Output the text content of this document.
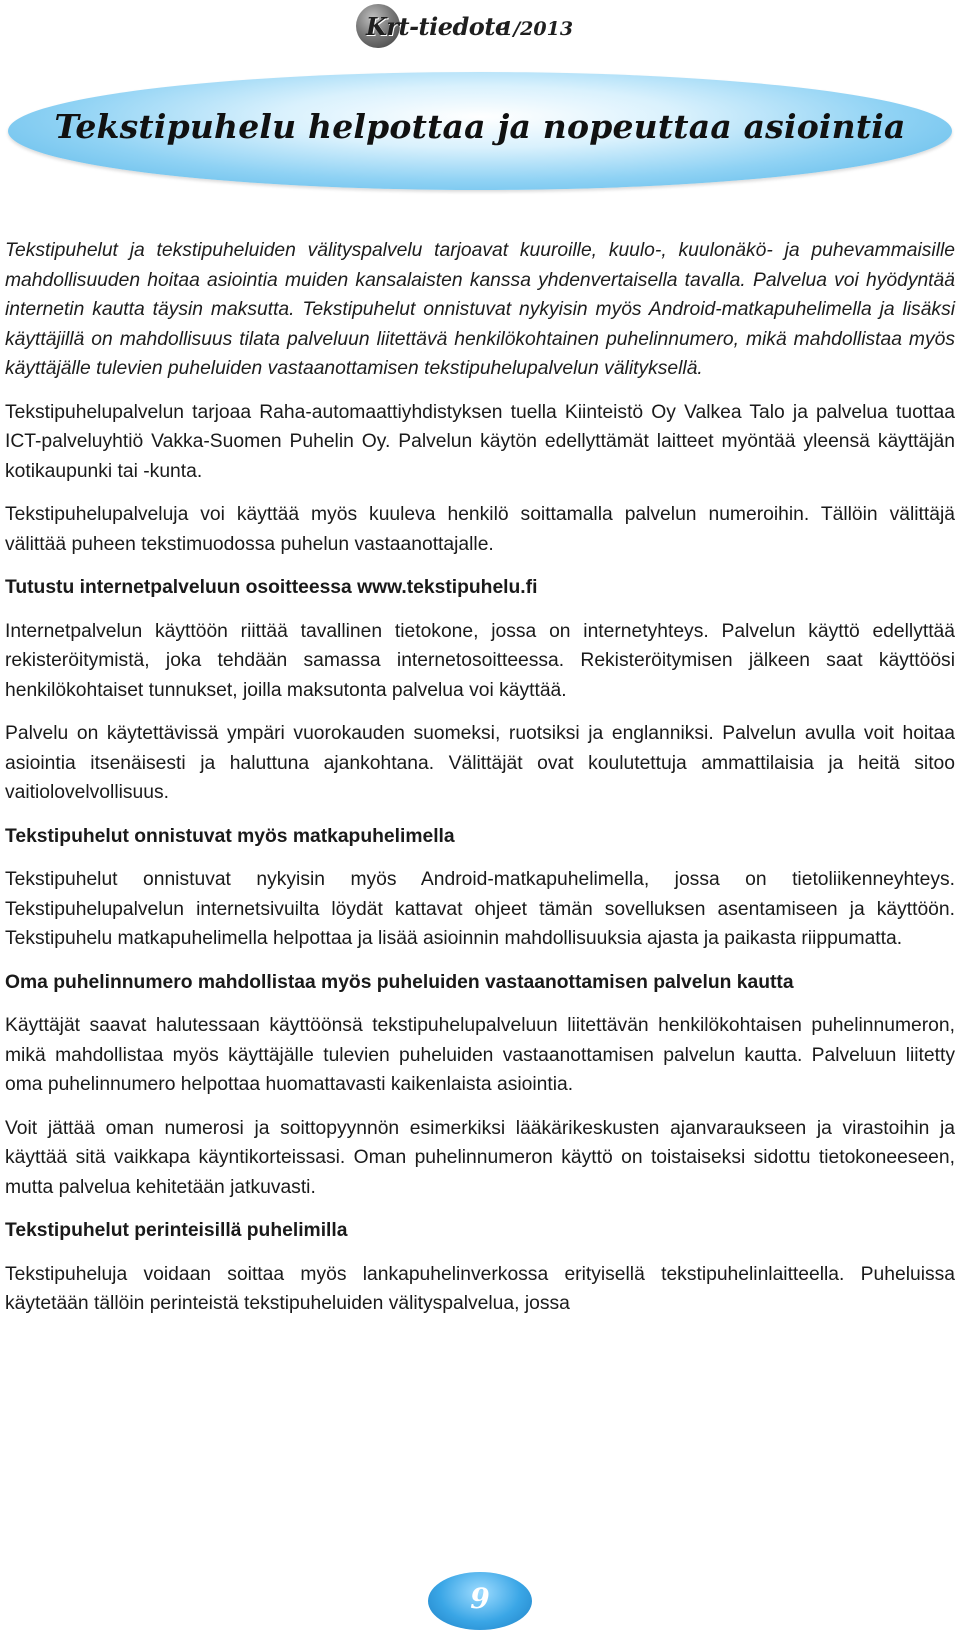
Krt-tiedote
1/2013
Tekstipuhelu helpottaa ja nopeuttaa asiointia

Tekstipuhelut ja tekstipuheluiden välityspalvelu tarjoavat kuuroille, kuulo-, kuulonäkö- ja puhevammaisille mahdollisuuden hoitaa asiointia muiden kansalaisten kanssa yhdenvertaisella tavalla. Palvelua voi hyödyntää internetin kautta täysin maksutta. Tekstipuhelut onnistuvat nykyisin myös Android-matkapuhelimella ja lisäksi käyttäjillä on mahdollisuus tilata palveluun liitettävä henkilökohtainen puhelinnumero, mikä mahdollistaa myös käyttäjälle tulevien puheluiden vastaanottamisen tekstipuhelupalvelun välityksellä.

Tekstipuhelupalvelun tarjoaa Raha-automaattiyhdistyksen tuella Kiinteistö Oy Valkea Talo ja palvelua tuottaa ICT-palveluyhtiö Vakka-Suomen Puhelin Oy. Palvelun käytön edellyttämät laitteet myöntää yleensä käyttäjän kotikaupunki tai -kunta.

Tekstipuhelupalveluja voi käyttää myös kuuleva henkilö soittamalla palvelun numeroihin. Tällöin välittäjä välittää puheen tekstimuodossa puhelun vastaanottajalle.

Tutustu internetpalveluun osoitteessa www.tekstipuhelu.fi

Internetpalvelun käyttöön riittää tavallinen tietokone, jossa on internetyhteys. Palvelun käyttö edellyttää rekisteröitymistä, joka tehdään samassa internetosoitteessa. Rekisteröitymisen jälkeen saat käyttöösi henkilökohtaiset tunnukset, joilla maksutonta palvelua voi käyttää.

Palvelu on käytettävissä ympäri vuorokauden suomeksi, ruotsiksi ja englanniksi. Palvelun avulla voit hoitaa asiointia itsenäisesti ja haluttuna ajankohtana. Välittäjät ovat koulutettuja ammattilaisia ja heitä sitoo vaitiolovelvollisuus.

Tekstipuhelut onnistuvat myös matkapuhelimella

Tekstipuhelut onnistuvat nykyisin myös Android-matkapuhelimella, jossa on tietoliikenneyhteys. Tekstipuhelupalvelun internetsivuilta löydät kattavat ohjeet tämän sovelluksen asentamiseen ja käyttöön. Tekstipuhelu matkapuhelimella helpottaa ja lisää asioinnin mahdollisuuksia ajasta ja paikasta riippumatta.

Oma puhelinnumero mahdollistaa myös puheluiden vastaanottamisen palvelun kautta

Käyttäjät saavat halutessaan käyttöönsä tekstipuhelupalveluun liitettävän henkilökohtaisen puhelinnumeron, mikä mahdollistaa myös käyttäjälle tulevien puheluiden vastaanottamisen palvelun kautta. Palveluun liitetty oma puhelinnumero helpottaa huomattavasti kaikenlaista asiointia.

Voit jättää oman numerosi ja soittopyynnön esimerkiksi lääkärikeskusten ajanvaraukseen ja virastoihin ja käyttää sitä vaikkapa käyntikorteissasi. Oman puhelinnumeron käyttö on toistaiseksi sidottu tietokoneeseen, mutta palvelua kehitetään jatkuvasti.

Tekstipuhelut perinteisillä puhelimilla

Tekstipuheluja voidaan soittaa myös lankapuhelinverkossa erityisellä tekstipuhelinlaitteella. Puheluissa käytetään tällöin perinteistä tekstipuheluiden välityspalvelua, jossa

9
